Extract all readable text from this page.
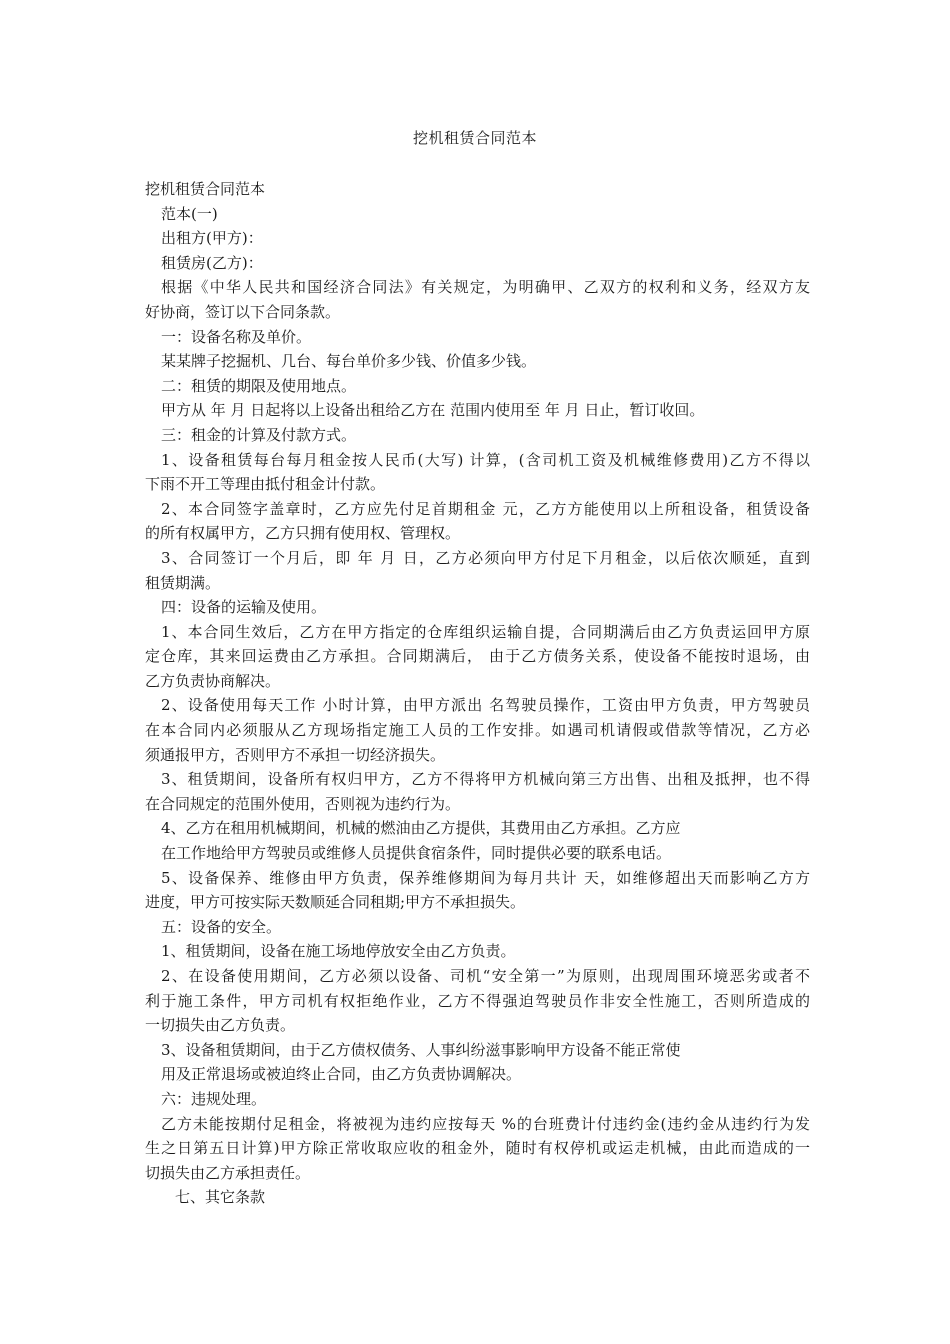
挖机租赁合同范本
挖机租赁合同范本
范本(一)
出租方(甲方)：
租赁房(乙方)：
根据《中华人民共和国经济合同法》有关规定，为明确甲、乙双方的权利和义务，经双方友
好协商，签订以下合同条款。
一：设备名称及单价。
某某牌子挖掘机、几台、每台单价多少钱、价值多少钱。
二：租赁的期限及使用地点。
甲方从 年 月 日起将以上设备出租给乙方在 范围内使用至 年 月 日止，暂订收回。
三：租金的计算及付款方式。
1、设备租赁每台每月租金按人民币(大写) 计算，(含司机工资及机械维修费用)乙方不得以
下雨不开工等理由抵付租金计付款。
2、本合同签字盖章时，乙方应先付足首期租金 元，乙方方能使用以上所租设备，租赁设备
的所有权属甲方，乙方只拥有使用权、管理权。
3、合同签订一个月后，即 年 月 日，乙方必须向甲方付足下月租金，以后依次顺延，直到
租赁期满。
四：设备的运输及使用。
1、本合同生效后，乙方在甲方指定的仓库组织运输自提，合同期满后由乙方负责运回甲方原
定仓库，其来回运费由乙方承担。合同期满后， 由于乙方债务关系，使设备不能按时退场，由
乙方负责协商解决。
2、设备使用每天工作 小时计算，由甲方派出 名驾驶员操作，工资由甲方负责，甲方驾驶员
在本合同内必须服从乙方现场指定施工人员的工作安排。如遇司机请假或借款等情况，乙方必
须通报甲方，否则甲方不承担一切经济损失。
3、租赁期间，设备所有权归甲方，乙方不得将甲方机械向第三方出售、出租及抵押，也不得
在合同规定的范围外使用，否则视为违约行为。
4、乙方在租用机械期间，机械的燃油由乙方提供，其费用由乙方承担。乙方应
在工作地给甲方驾驶员或维修人员提供食宿条件，同时提供必要的联系电话。
5、设备保养、维修由甲方负责，保养维修期间为每月共计 天，如维修超出天而影响乙方方
进度，甲方可按实际天数顺延合同租期;甲方不承担损失。
五：设备的安全。
1、租赁期间，设备在施工场地停放安全由乙方负责。
2、在设备使用期间，乙方必须以设备、司机“安全第一”为原则，出现周围环境恶劣或者不
利于施工条件，甲方司机有权拒绝作业，乙方不得强迫驾驶员作非安全性施工，否则所造成的
一切损失由乙方负责。
3、设备租赁期间，由于乙方债权债务、人事纠纷滋事影响甲方设备不能正常使
用及正常退场或被迫终止合同，由乙方负责协调解决。
六：违规处理。
乙方未能按期付足租金，将被视为违约应按每天 %的台班费计付违约金(违约金从违约行为发
生之日第五日计算)甲方除正常收取应收的租金外，随时有权停机或运走机械，由此而造成的一
切损失由乙方承担责任。
七、其它条款
